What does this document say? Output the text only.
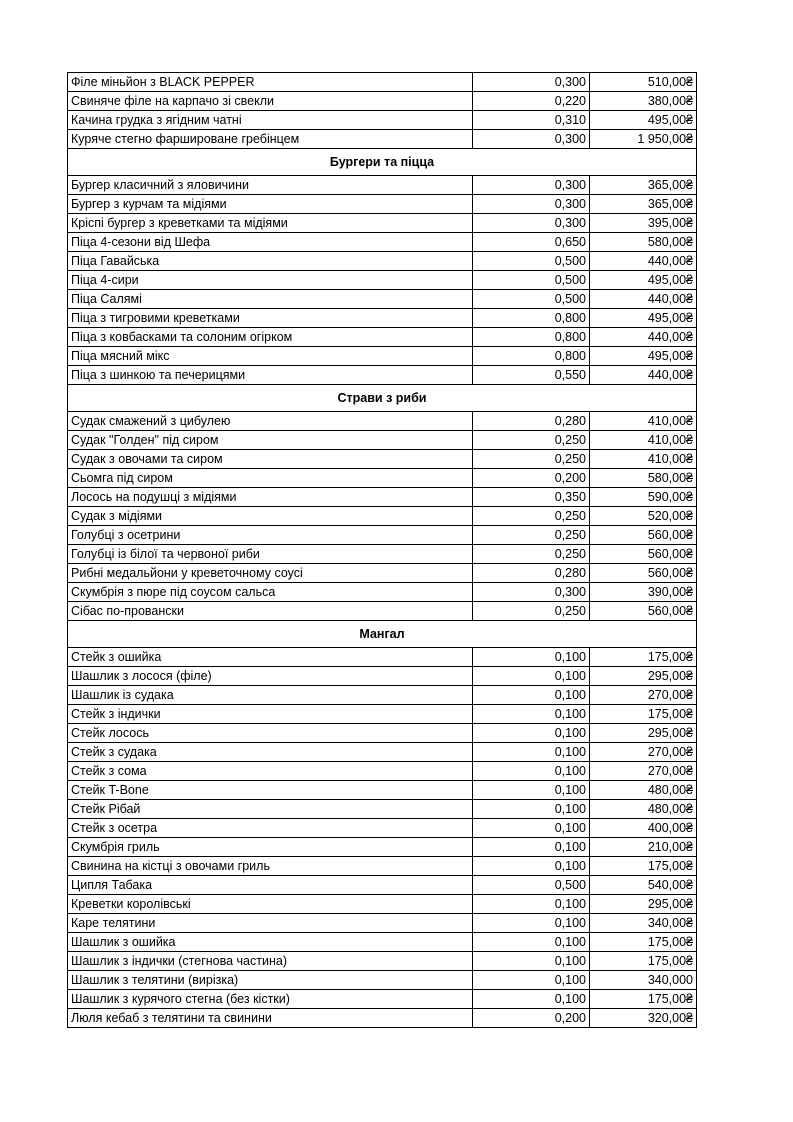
Філе міньйон з BLACK PEPPER	0,300	510,00₴
Свиняче філе на карпачо зі свекли	0,220	380,00₴
Качина грудка з ягідним чатні	0,310	495,00₴
Куряче стегно фаршироване гребінцем	0,300	1 950,00₴
Бургери та піцца		
Бургер класичний з яловичини	0,300	365,00₴
Бургер з курчам та мідіями	0,300	365,00₴
Кріспі бургер з креветками та мідіями	0,300	395,00₴
Піца 4-сезони від Шефа	0,650	580,00₴
Піца Гавайська	0,500	440,00₴
Піца 4-сири	0,500	495,00₴
Піца Салямі	0,500	440,00₴
Піца з тигровими креветками	0,800	495,00₴
Піца з ковбасками та солоним огірком	0,800	440,00₴
Піца мясний мікс	0,800	495,00₴
Піца з шинкою та печерицями	0,550	440,00₴
Страви з риби		
Судак смажений з цибулею	0,280	410,00₴
Судак "Голден" під сиром	0,250	410,00₴
Судак з овочами та сиром	0,250	410,00₴
Сьомга під сиром	0,200	580,00₴
Лосось на подушці з мідіями	0,350	590,00₴
Судак з мідіями	0,250	520,00₴
Голубці з осетрини	0,250	560,00₴
Голубці із білої та червоної риби	0,250	560,00₴
Рибні медальйони у креветочному соусі	0,280	560,00₴
Скумбрія з пюре під соусом сальса	0,300	390,00₴
Сібас по-провански	0,250	560,00₴
Мангал		
Стейк з ошийка	0,100	175,00₴
Шашлик з лосося (філе)	0,100	295,00₴
Шашлик із судака	0,100	270,00₴
Стейк з індички	0,100	175,00₴
Стейк лосось	0,100	295,00₴
Стейк з судака	0,100	270,00₴
Стейк з сома	0,100	270,00₴
Стейк T-Bone	0,100	480,00₴
Стейк Рібай	0,100	480,00₴
Стейк з осетра	0,100	400,00₴
Скумбрія гриль	0,100	210,00₴
Свинина на кістці з овочами гриль	0,100	175,00₴
Ципля Табака	0,500	540,00₴
Креветки королівські	0,100	295,00₴
Каре телятини	0,100	340,00₴
Шашлик з ошийка	0,100	175,00₴
Шашлик з індички (стегнова частина)	0,100	175,00₴
Шашлик з телятини (вирізка)	0,100	340,000
Шашлик з курячого стегна (без кістки)	0,100	175,00₴
Люля кебаб з телятини та свинини	0,200	320,00₴
